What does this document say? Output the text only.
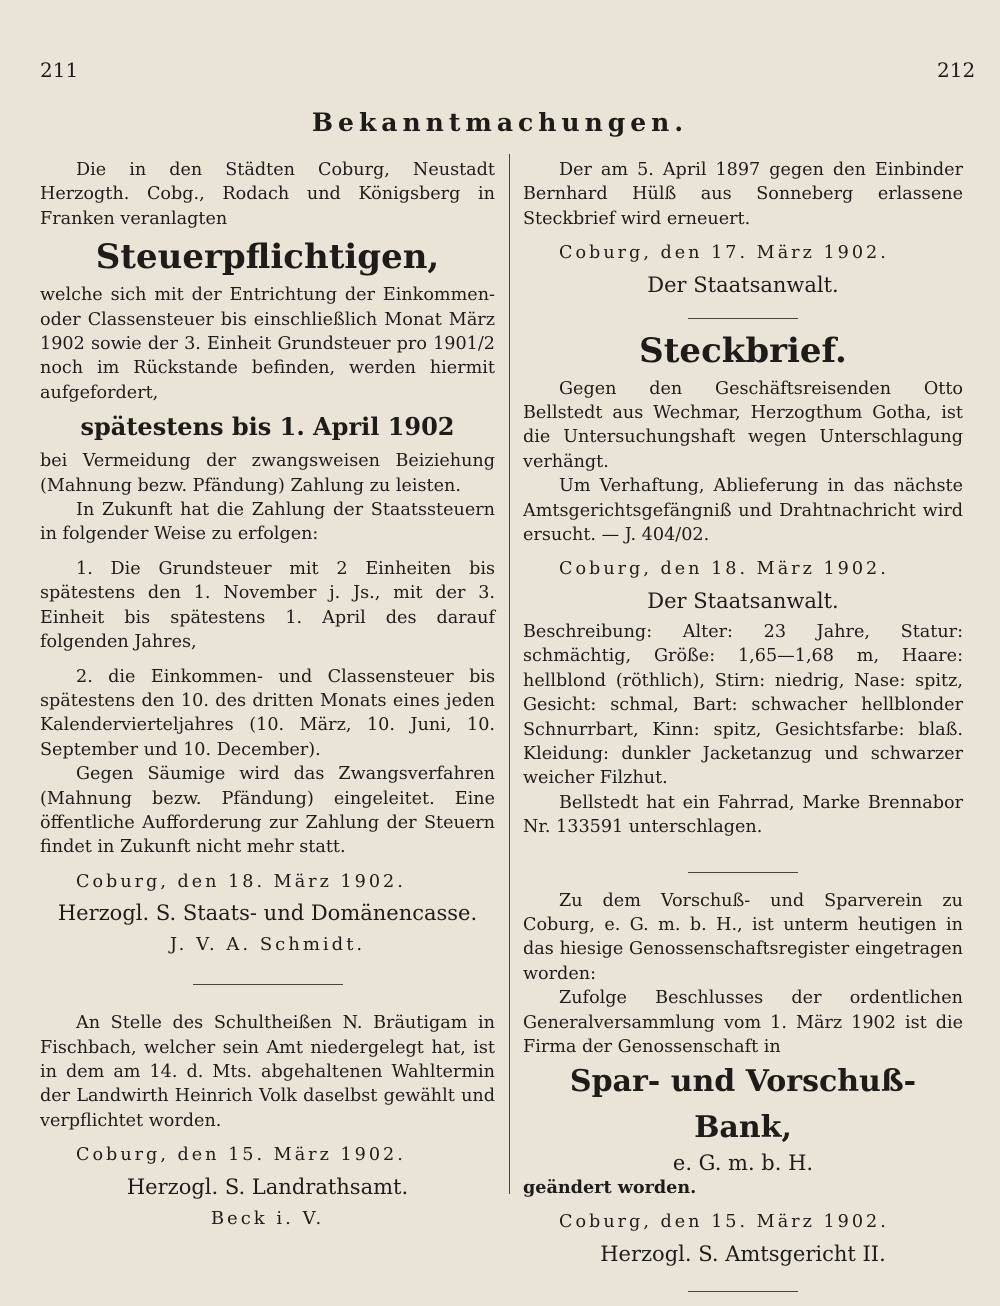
211	212
Bekanntmachungen.

Die in den Städten Coburg, Neustadt Herzogth. Cobg., Rodach und Königsberg in Franken veranlagten

Steuerpflichtigen,

welche sich mit der Entrichtung der Einkommen- oder Classensteuer bis einschließlich Monat März 1902 sowie der 3. Einheit Grundsteuer pro 1901/2 noch im Rückstande befinden, werden hiermit aufgefordert,

spätestens bis 1. April 1902

bei Vermeidung der zwangsweisen Beiziehung (Mahnung bezw. Pfändung) Zahlung zu leisten.

In Zukunft hat die Zahlung der Staatssteuern in folgender Weise zu erfolgen:

1. Die Grundsteuer mit 2 Einheiten bis spätestens den 1. November j. Js., mit der 3. Einheit bis spätestens 1. April des darauf folgenden Jahres,

2. die Einkommen- und Classensteuer bis spätestens den 10. des dritten Monats eines jeden Kalendervierteljahres (10. März, 10. Juni, 10. September und 10. December).

Gegen Säumige wird das Zwangsverfahren (Mahnung bezw. Pfändung) eingeleitet. Eine öffentliche Aufforderung zur Zahlung der Steuern findet in Zukunft nicht mehr statt.

Coburg, den 18. März 1902.

Herzogl. S. Staats- und Domänencasse.

J. V. A. Schmidt.

An Stelle des Schultheißen N. Bräutigam in Fischbach, welcher sein Amt niedergelegt hat, ist in dem am 14. d. Mts. abgehaltenen Wahltermin der Landwirth Heinrich Volk daselbst gewählt und verpflichtet worden.

Coburg, den 15. März 1902.

Herzogl. S. Landrathsamt.

Beck i. V.

Der am 5. April 1897 gegen den Einbinder Bernhard Hülß aus Sonneberg erlassene Steckbrief wird erneuert.

Coburg, den 17. März 1902.

Der Staatsanwalt.

Steckbrief.

Gegen den Geschäftsreisenden Otto Bellstedt aus Wechmar, Herzogthum Gotha, ist die Untersuchungshaft wegen Unterschlagung verhängt.

Um Verhaftung, Ablieferung in das nächste Amtsgerichtsgefängniß und Drahtnachricht wird ersucht. — J. 404/02.

Coburg, den 18. März 1902.

Der Staatsanwalt.

Beschreibung: Alter: 23 Jahre, Statur: schmächtig, Größe: 1,65—1,68 m, Haare: hellblond (röthlich), Stirn: niedrig, Nase: spitz, Gesicht: schmal, Bart: schwacher hellblonder Schnurrbart, Kinn: spitz, Gesichtsfarbe: blaß. Kleidung: dunkler Jacketanzug und schwarzer weicher Filzhut.

Bellstedt hat ein Fahrrad, Marke Brennabor Nr. 133591 unterschlagen.

Zu dem Vorschuß- und Sparverein zu Coburg, e. G. m. b. H., ist unterm heutigen in das hiesige Genossenschaftsregister eingetragen worden:

Zufolge Beschlusses der ordentlichen Generalversammlung vom 1. März 1902 ist die Firma der Genossenschaft in

Spar- und Vorschuß-Bank,

e. G. m. b. H.

geändert worden.

Coburg, den 15. März 1902.

Herzogl. S. Amtsgericht II.
